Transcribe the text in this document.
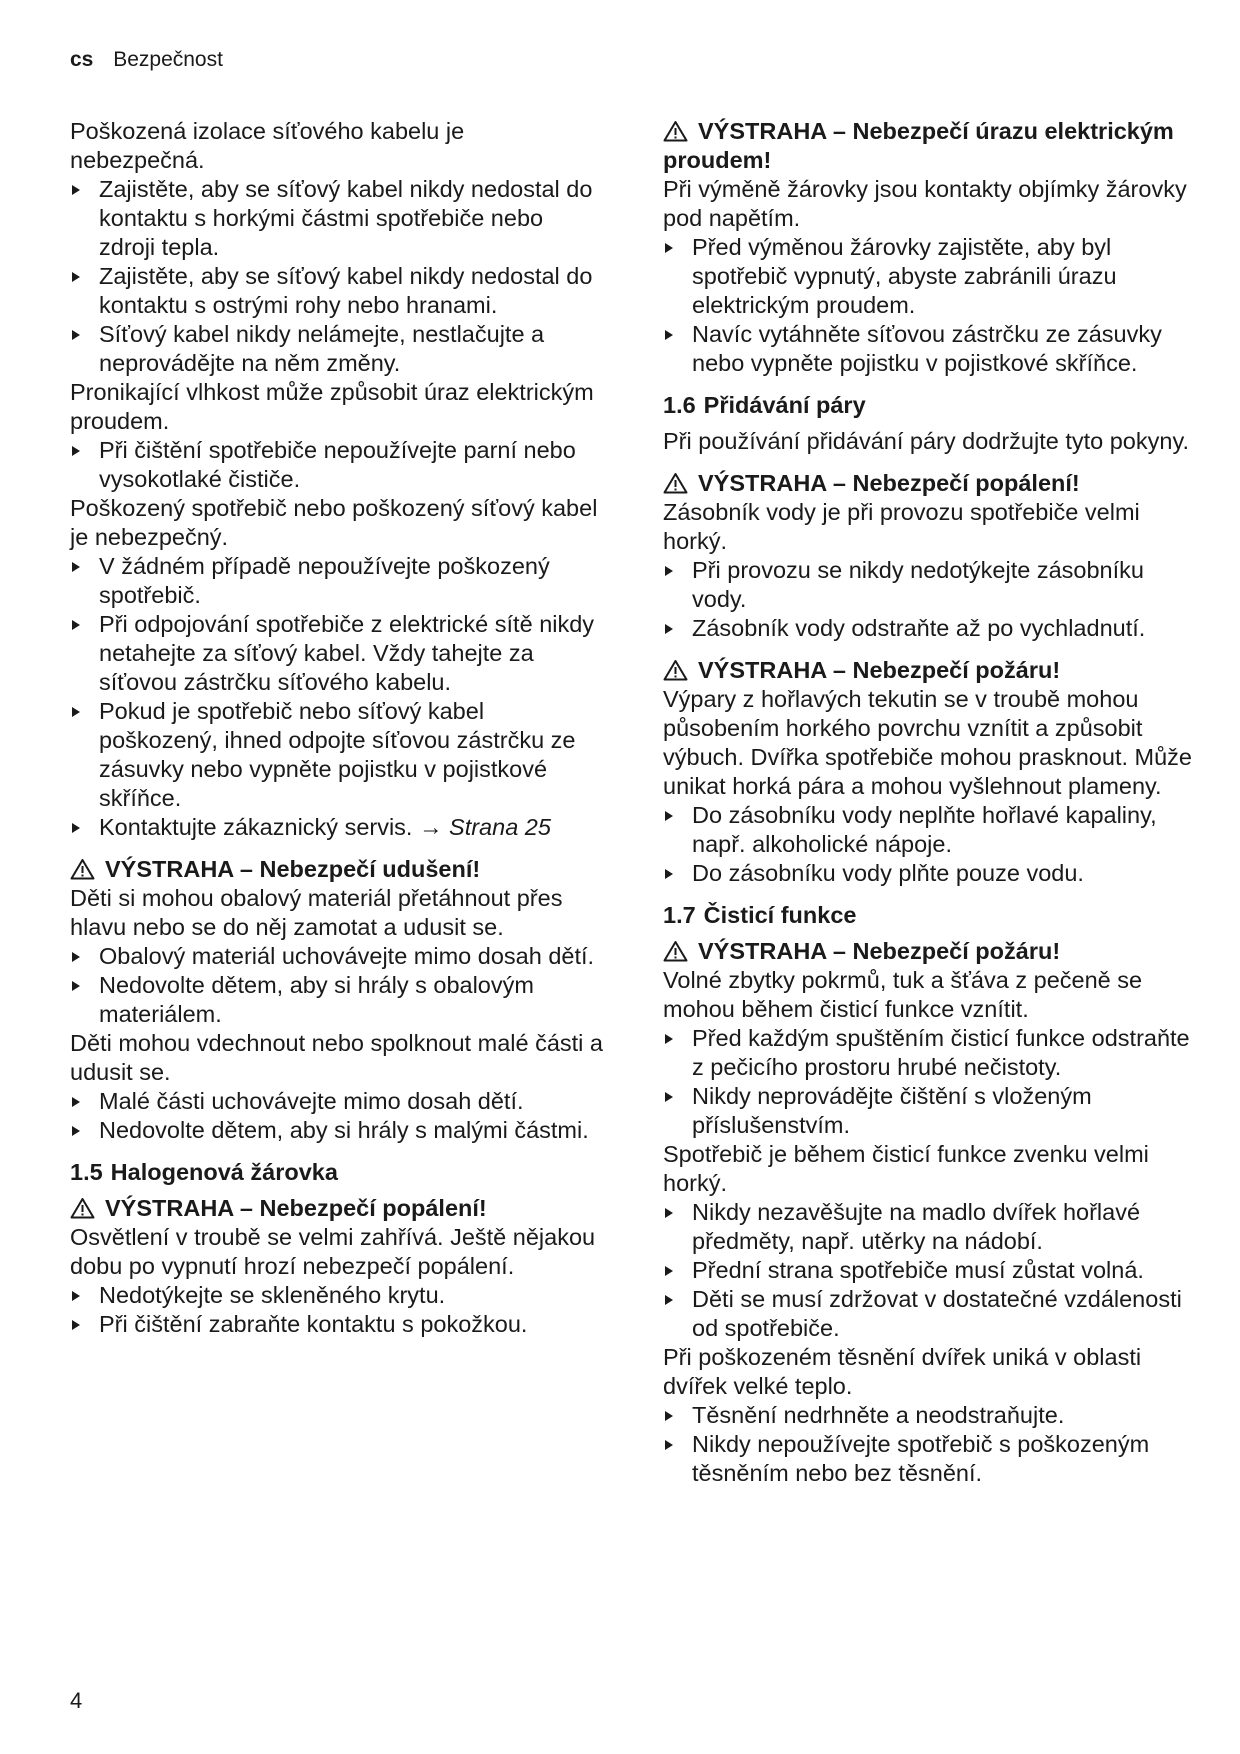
cs Bezpečnost

Poškozená izolace síťového kabelu je nebezpečná.

Zajistěte, aby se síťový kabel nikdy nedostal do kontaktu s horkými částmi spotřebiče nebo zdroji tepla.
Zajistěte, aby se síťový kabel nikdy nedostal do kontaktu s ostrými rohy nebo hranami.
Síťový kabel nikdy nelámejte, nestlačujte a neprovádějte na něm změny.

Pronikající vlhkost může způsobit úraz elektrickým proudem.

Při čištění spotřebiče nepoužívejte parní nebo vysokotlaké čističe.

Poškozený spotřebič nebo poškozený síťový kabel je nebezpečný.

V žádném případě nepoužívejte poškozený spotřebič.
Při odpojování spotřebiče z elektrické sítě nikdy netahejte za síťový kabel. Vždy tahejte za síťovou zástrčku síťového kabelu.
Pokud je spotřebič nebo síťový kabel poškozený, ihned odpojte síťovou zástrčku ze zásuvky nebo vypněte pojistku v pojistkové skříňce.
Kontaktujte zákaznický servis. → Strana 25
VÝSTRAHA – Nebezpečí udušení!

Děti si mohou obalový materiál přetáhnout přes hlavu nebo se do něj zamotat a udusit se.

Obalový materiál uchovávejte mimo dosah dětí.
Nedovolte dětem, aby si hrály s obalovým materiálem.

Děti mohou vdechnout nebo spolknout malé části a udusit se.

Malé části uchovávejte mimo dosah dětí.
Nedovolte dětem, aby si hrály s malými částmi.
1.5 Halogenová žárovka
VÝSTRAHA – Nebezpečí popálení!

Osvětlení v troubě se velmi zahřívá. Ještě nějakou dobu po vypnutí hrozí nebezpečí popálení.

Nedotýkejte se skleněného krytu.
Při čištění zabraňte kontaktu s pokožkou.
VÝSTRAHA – Nebezpečí úrazu elektrickým proudem!

Při výměně žárovky jsou kontakty objímky žárovky pod napětím.

Před výměnou žárovky zajistěte, aby byl spotřebič vypnutý, abyste zabránili úrazu elektrickým proudem.
Navíc vytáhněte síťovou zástrčku ze zásuvky nebo vypněte pojistku v pojistkové skříňce.
1.6 Přidávání páry

Při používání přidávání páry dodržujte tyto pokyny.

VÝSTRAHA – Nebezpečí popálení!

Zásobník vody je při provozu spotřebiče velmi horký.

Při provozu se nikdy nedotýkejte zásobníku vody.
Zásobník vody odstraňte až po vychladnutí.
VÝSTRAHA – Nebezpečí požáru!

Výpary z hořlavých tekutin se v troubě mohou působením horkého povrchu vznítit a způsobit výbuch. Dvířka spotřebiče mohou prasknout. Může unikat horká pára a mohou vyšlehnout plameny.

Do zásobníku vody neplňte hořlavé kapaliny, např. alkoholické nápoje.
Do zásobníku vody plňte pouze vodu.
1.7 Čisticí funkce
VÝSTRAHA – Nebezpečí požáru!

Volné zbytky pokrmů, tuk a šťáva z pečeně se mohou během čisticí funkce vznítit.

Před každým spuštěním čisticí funkce odstraňte z pečicího prostoru hrubé nečistoty.
Nikdy neprovádějte čištění s vloženým příslušenstvím.

Spotřebič je během čisticí funkce zvenku velmi horký.

Nikdy nezavěšujte na madlo dvířek hořlavé předměty, např. utěrky na nádobí.
Přední strana spotřebiče musí zůstat volná.
Děti se musí zdržovat v dostatečné vzdálenosti od spotřebiče.

Při poškozeném těsnění dvířek uniká v oblasti dvířek velké teplo.

Těsnění nedrhněte a neodstraňujte.
Nikdy nepoužívejte spotřebič s poškozeným těsněním nebo bez těsnění.
4
